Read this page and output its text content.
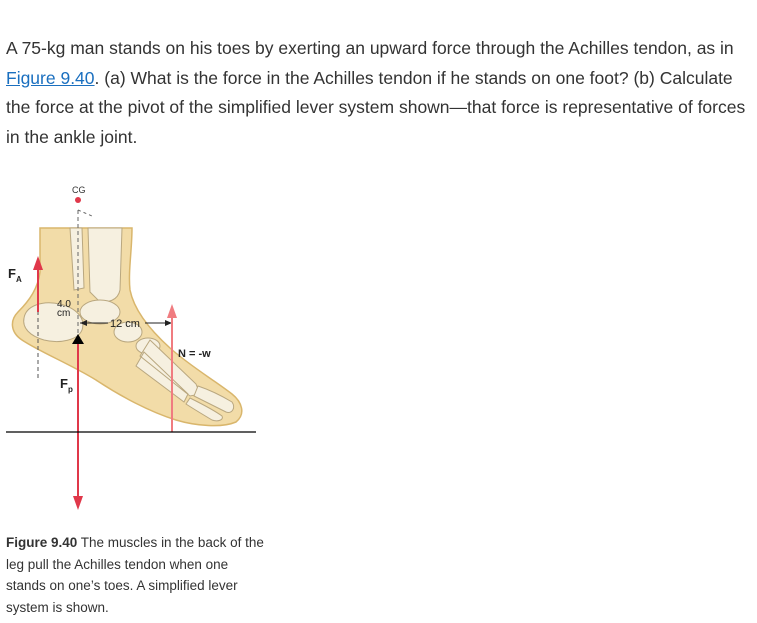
A 75-kg man stands on his toes by exerting an upward force through the Achilles tendon, as in Figure 9.40. (a) What is the force in the Achilles tendon if he stands on one foot? (b) Calculate the force at the pivot of the simplified lever system shown—that force is representative of forces in the ankle joint.

CG
$F_A$
4.0
cm
12 cm
$F_p$
N = -w

Figure 9.40 The muscles in the back of the leg pull the Achilles tendon when one stands on one’s toes. A simplified lever system is shown.
